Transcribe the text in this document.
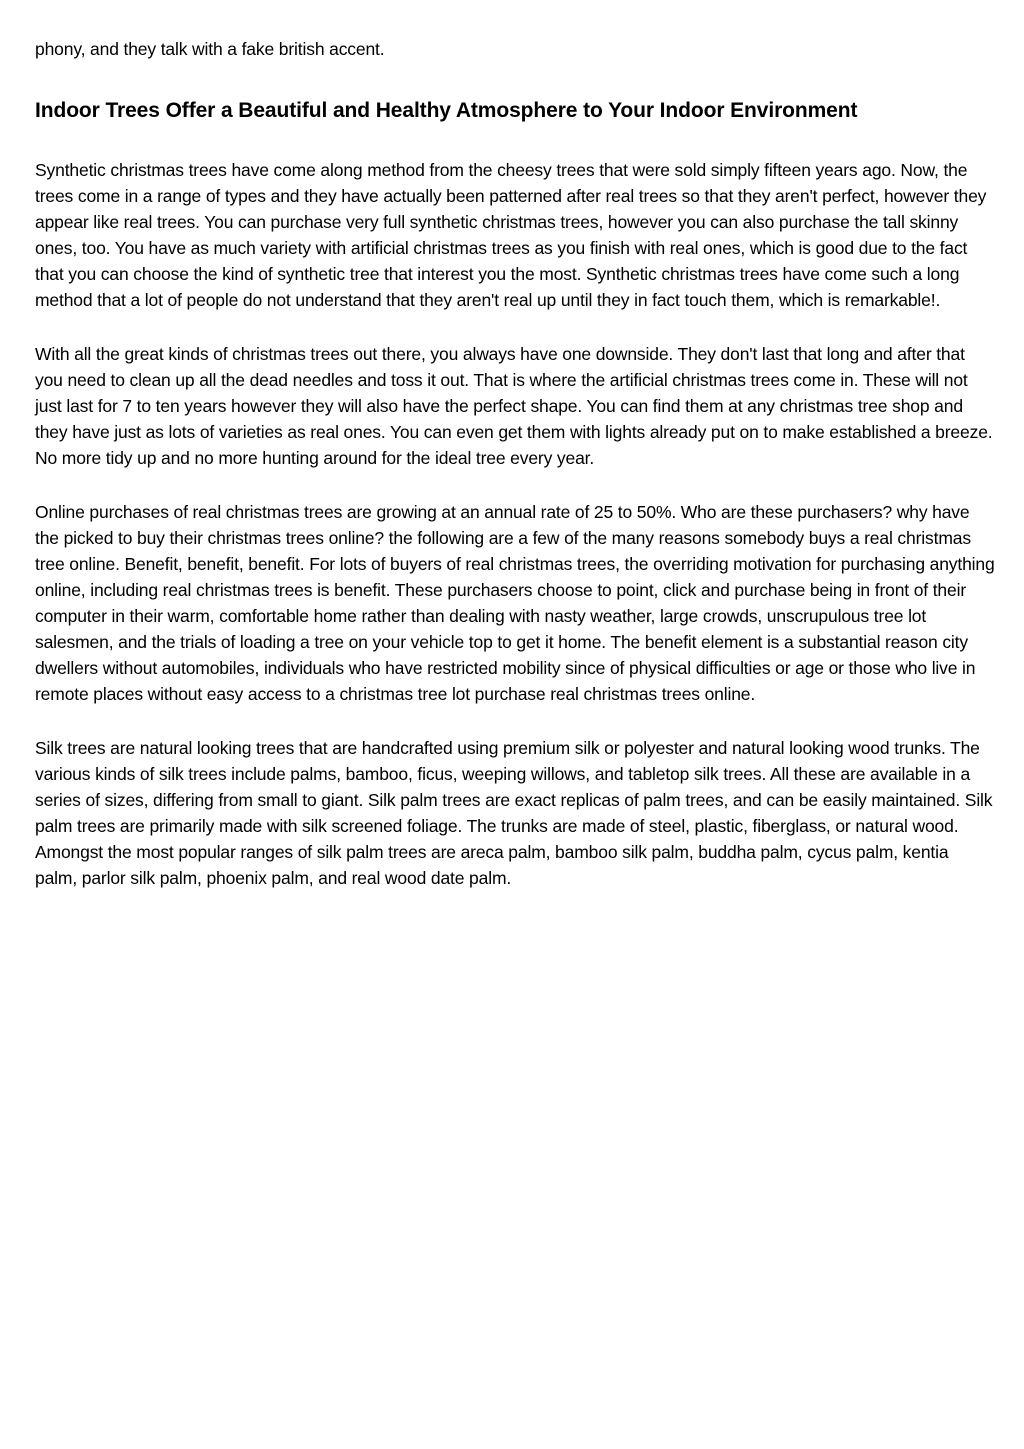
phony, and they talk with a fake british accent.

Indoor Trees Offer a Beautiful and Healthy Atmosphere to Your Indoor Environment

Synthetic christmas trees have come along method from the cheesy trees that were sold simply fifteen years ago. Now, the trees come in a range of types and they have actually been patterned after real trees so that they aren't perfect, however they appear like real trees. You can purchase very full synthetic christmas trees, however you can also purchase the tall skinny ones, too. You have as much variety with artificial christmas trees as you finish with real ones, which is good due to the fact that you can choose the kind of synthetic tree that interest you the most. Synthetic christmas trees have come such a long method that a lot of people do not understand that they aren't real up until they in fact touch them, which is remarkable!.

With all the great kinds of christmas trees out there, you always have one downside. They don't last that long and after that you need to clean up all the dead needles and toss it out. That is where the artificial christmas trees come in. These will not just last for 7 to ten years however they will also have the perfect shape. You can find them at any christmas tree shop and they have just as lots of varieties as real ones. You can even get them with lights already put on to make established a breeze. No more tidy up and no more hunting around for the ideal tree every year.

Online purchases of real christmas trees are growing at an annual rate of 25 to 50%. Who are these purchasers? why have the picked to buy their christmas trees online? the following are a few of the many reasons somebody buys a real christmas tree online. Benefit, benefit, benefit. For lots of buyers of real christmas trees, the overriding motivation for purchasing anything online, including real christmas trees is benefit. These purchasers choose to point, click and purchase being in front of their computer in their warm, comfortable home rather than dealing with nasty weather, large crowds, unscrupulous tree lot salesmen, and the trials of loading a tree on your vehicle top to get it home. The benefit element is a substantial reason city dwellers without automobiles, individuals who have restricted mobility since of physical difficulties or age or those who live in remote places without easy access to a christmas tree lot purchase real christmas trees online.

Silk trees are natural looking trees that are handcrafted using premium silk or polyester and natural looking wood trunks. The various kinds of silk trees include palms, bamboo, ficus, weeping willows, and tabletop silk trees. All these are available in a series of sizes, differing from small to giant. Silk palm trees are exact replicas of palm trees, and can be easily maintained. Silk palm trees are primarily made with silk screened foliage. The trunks are made of steel, plastic, fiberglass, or natural wood. Amongst the most popular ranges of silk palm trees are areca palm, bamboo silk palm, buddha palm, cycus palm, kentia palm, parlor silk palm, phoenix palm, and real wood date palm.
